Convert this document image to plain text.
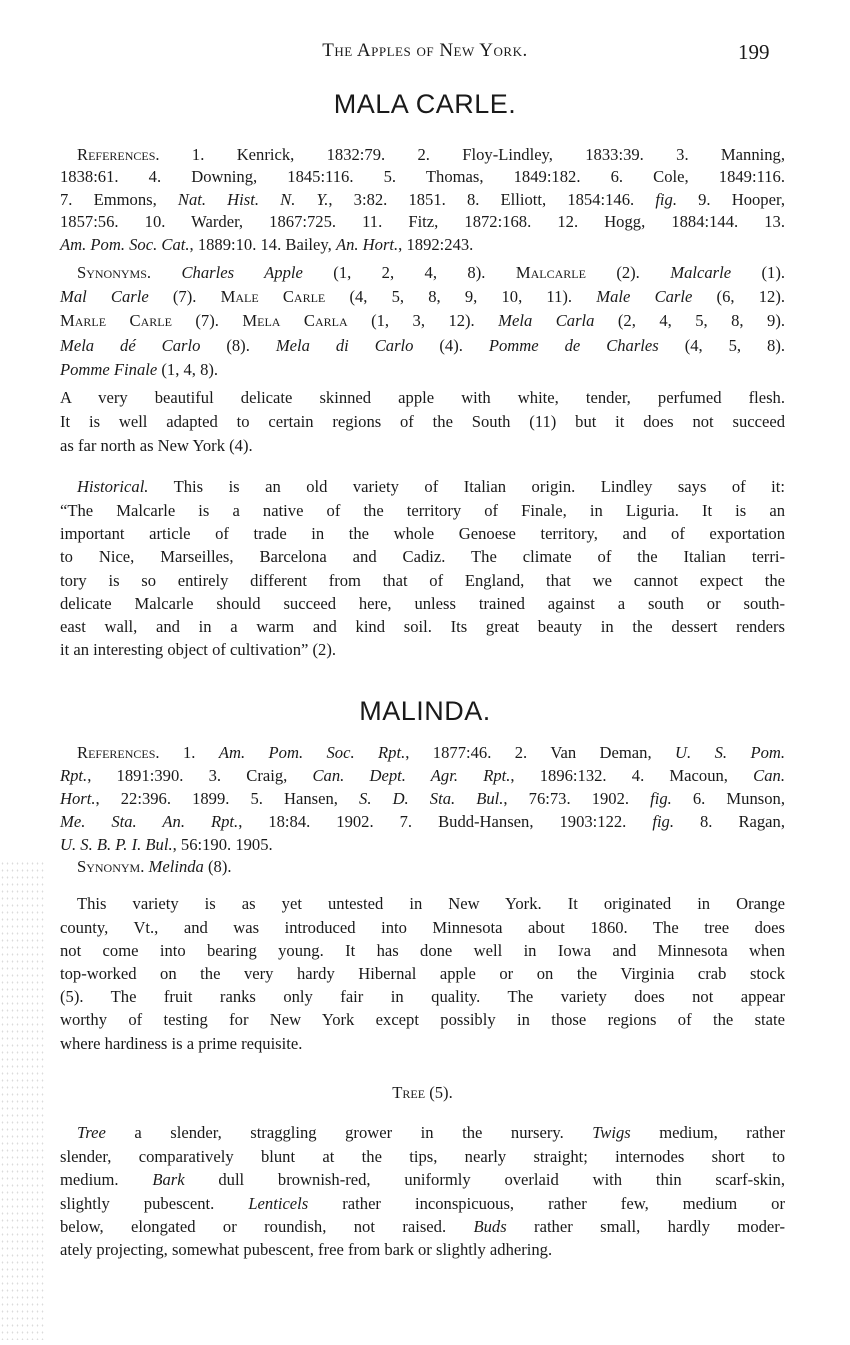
The Apples of New York.	199
MALA CARLE.
References. 1. Kenrick, 1832:79. 2. Floy-Lindley, 1833:39. 3. Manning,
1838:61. 4. Downing, 1845:116. 5. Thomas, 1849:182. 6. Cole, 1849:116.
7. Emmons, Nat. Hist. N. Y., 3:82. 1851. 8. Elliott, 1854:146. fig. 9. Hooper,
1857:56. 10. Warder, 1867:725. 11. Fitz, 1872:168. 12. Hogg, 1884:144. 13.
Am. Pom. Soc. Cat., 1889:10. 14. Bailey, An. Hort., 1892:243.
Synonyms. Charles Apple (1, 2, 4, 8). Malcarle (2). Malcarle (1).
Mal Carle (7). Male Carle (4, 5, 8, 9, 10, 11). Male Carle (6, 12).
Marle Carle (7). Mela Carla (1, 3, 12). Mela Carla (2, 4, 5, 8, 9).
Mela dé Carlo (8). Mela di Carlo (4). Pomme de Charles (4, 5, 8).
Pomme Finale (1, 4, 8).
A very beautiful delicate skinned apple with white, tender, perfumed flesh.
It is well adapted to certain regions of the South (11) but it does not succeed
as far north as New York (4).
Historical. This is an old variety of Italian origin. Lindley says of it:
“The Malcarle is a native of the territory of Finale, in Liguria. It is an
important article of trade in the whole Genoese territory, and of exportation
to Nice, Marseilles, Barcelona and Cadiz. The climate of the Italian terri-
tory is so entirely different from that of England, that we cannot expect the
delicate Malcarle should succeed here, unless trained against a south or south-
east wall, and in a warm and kind soil. Its great beauty in the dessert renders
it an interesting object of cultivation” (2).
MALINDA.
References. 1. Am. Pom. Soc. Rpt., 1877:46. 2. Van Deman, U. S. Pom.
Rpt., 1891:390. 3. Craig, Can. Dept. Agr. Rpt., 1896:132. 4. Macoun, Can.
Hort., 22:396. 1899. 5. Hansen, S. D. Sta. Bul., 76:73. 1902. fig. 6. Munson,
Me. Sta. An. Rpt., 18:84. 1902. 7. Budd-Hansen, 1903:122. fig. 8. Ragan,
U. S. B. P. I. Bul., 56:190. 1905.
Synonym. Melinda (8).
This variety is as yet untested in New York. It originated in Orange
county, Vt., and was introduced into Minnesota about 1860. The tree does
not come into bearing young. It has done well in Iowa and Minnesota when
top-worked on the very hardy Hibernal apple or on the Virginia crab stock
(5). The fruit ranks only fair in quality. The variety does not appear
worthy of testing for New York except possibly in those regions of the state
where hardiness is a prime requisite.
Tree (5).
Tree a slender, straggling grower in the nursery. Twigs medium, rather
slender, comparatively blunt at the tips, nearly straight; internodes short to
medium. Bark dull brownish-red, uniformly overlaid with thin scarf-skin,
slightly pubescent. Lenticels rather inconspicuous, rather few, medium or
below, elongated or roundish, not raised. Buds rather small, hardly moder-
ately projecting, somewhat pubescent, free from bark or slightly adhering.
